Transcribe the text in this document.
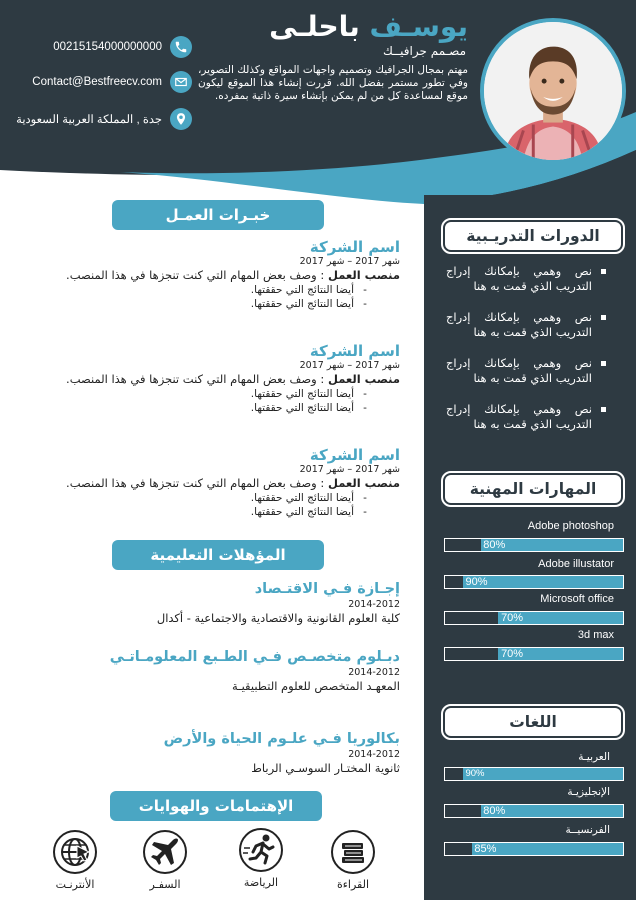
يوسـف باحلـى
مصـمم جرافيــك
مهتم بمجال الجرافيك وتصميم واجهات المواقع وكذلك التصوير، وفي تطور مستمر بفضل الله. قررت إنشاء هذا الموقع ليكون موقع لمساعدة كل من لم يمكن بإنشاء سيرة ذاتية بمفرده.
00215154000000000
Contact@Bestfreecv.com
جدة , المملكة العربية السعودية
خبـرات العمـل
اسم الشركة
شهر 2017 – شهر 2017
منصب العمل : وصف بعض المهام التي كنت تنجزها في هذا المنصب.
- أيضا النتائج التي حققتها.
- أيضا النتائج التي حققتها.
اسم الشركة
شهر 2017 – شهر 2017
منصب العمل : وصف بعض المهام التي كنت تنجزها في هذا المنصب.
- أيضا النتائج التي حققتها.
- أيضا النتائج التي حققتها.
اسم الشركة
شهر 2017 – شهر 2017
منصب العمل : وصف بعض المهام التي كنت تنجزها في هذا المنصب.
- أيضا النتائج التي حققتها.
- أيضا النتائج التي حققتها.
المؤهلات التعليمية
إجـازة فـي الاقتـصاد
2014-2012
كلية العلوم القانونية والاقتصادية والاجتماعية - أكدال
دبـلوم متخصـص فـي الطـبع المعلومـاتـي
2014-2012
المعهـد المتخصص للعلوم التطبيقيـة
بكالوريا فـي علـوم الحياة والأرض
2014-2012
ثانوية المختـار السوسـي الرباط
الإهتمامات والهوايات
الأنترنـت	السفـر	الرياضة	القراءة
الدورات التدريـبية
نص وهمي بإمكانك إدراج التدريب الذي قمت به هنا
نص وهمي بإمكانك إدراج التدريب الذي قمت به هنا
نص وهمي بإمكانك إدراج التدريب الذي قمت به هنا
نص وهمي بإمكانك إدراج التدريب الذي قمت به هنا
المهارات المهنية
Adobe photoshop
80%
Adobe illustator
90%
Microsoft office
70%
3d max
70%
اللغات
العربيـة
90%
الإنجليزيـة
80%
الفرنسيــة
85%
